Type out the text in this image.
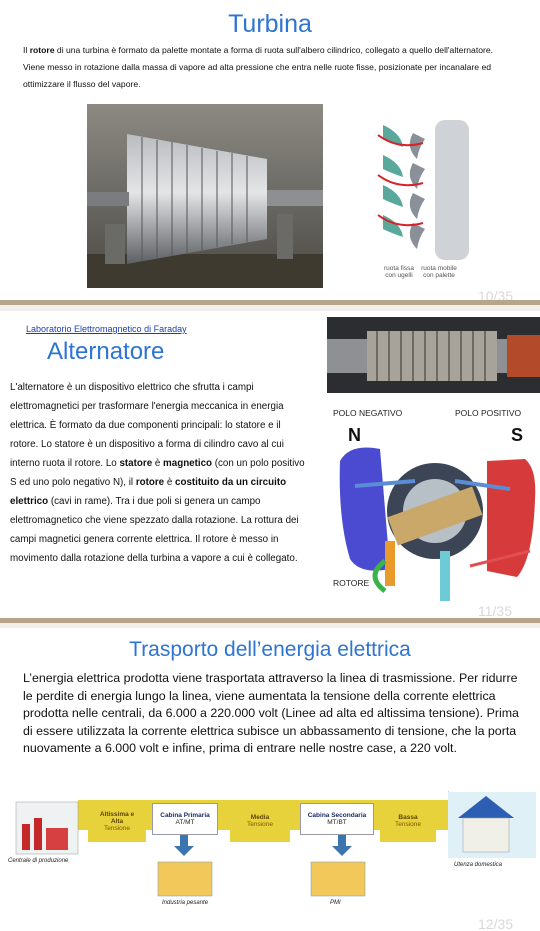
Turbina

Il rotore di una turbina è formato da palette montate a forma di ruota sull'albero cilindrico, collegato a quello dell'alternatore. Viene messo in rotazione dalla massa di vapore ad alta pressione che entra nelle ruote fisse, posizionate per incanalare ed ottimizzare il flusso del vapore.

ruota fissa con ugelli
ruota mobile con palette
10/35
Laboratorio Elettromagnetico di Faraday
Alternatore

L'alternatore è un dispositivo elettrico che sfrutta i campi elettromagnetici per trasformare l'energia meccanica in energia elettrica. È formato da due componenti principali: lo statore e il rotore. Lo statore è un dispositivo a forma di cilindro cavo al cui interno ruota il rotore. Lo statore è magnetico (con un polo positivo S ed uno polo negativo N), il rotore è costituito da un circuito elettrico (cavi in rame). Tra i due poli si genera un campo elettromagnetico che viene spezzato dalla rotazione. La rottura dei campi magnetici genera corrente elettrica. Il rotore è messo in movimento dalla rotazione della turbina a vapore a cui è collegato.

POLO NEGATIVO	POLO POSITIVO
N	S
ROTORE
11/35
Trasporto dell’energia elettrica

L’energia elettrica prodotta viene trasportata attraverso la linea di trasmissione. Per ridurre le perdite di energia lungo la linea, viene aumentata la tensione della corrente elettrica prodotta nelle centrali, da 6.000 a 220.000 volt (Linee ad alta ed altissima tensione). Prima di essere utilizzata la corrente elettrica subisce un abbassamento di tensione, che la porta nuovamente a 6.000 volt e infine, prima di entrare nelle nostre case, a 220 volt.

Altissima e
Alta
Tensione
Cabina Primaria
AT/MT
Media
Tensione
Cabina Secondaria
MT/BT
Bassa
Tensione
Centrale di produzione
Utenza domestica
Industria pesante	PMI
12/35
